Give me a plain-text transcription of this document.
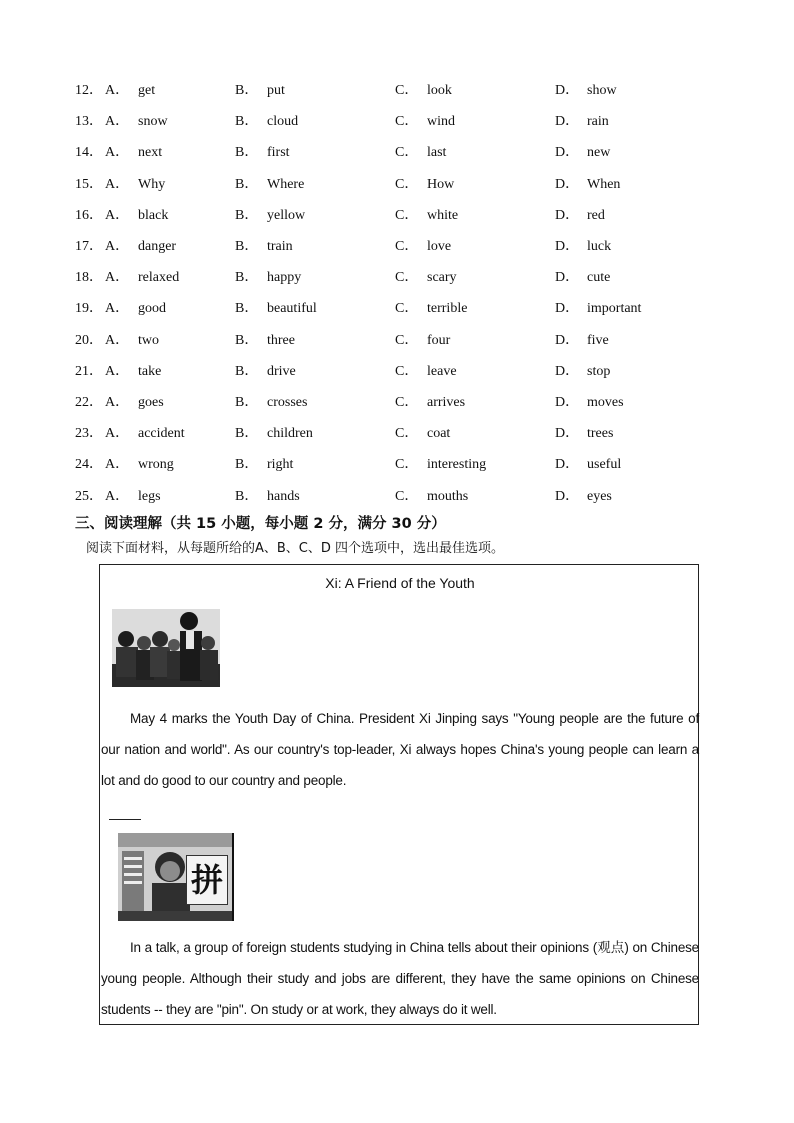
12． A． get	B． put	C． look	D． show
13． A． snow	B． cloud	C． wind	D． rain
14． A． next	B． first	C． last	D． new
15． A． Why	B． Where	C． How	D． When
16． A． black	B． yellow	C． white	D． red
17． A． danger	B． train	C． love	D． luck
18． A． relaxed	B． happy	C． scary	D． cute
19． A． good	B． beautiful	C． terrible	D． important
20． A． two	B． three	C． four	D． five
21． A． take	B． drive	C． leave	D． stop
22． A． goes	B． crosses	C． arrives	D． moves
23． A． accident	B． children	C． coat	D． trees
24． A． wrong	B． right	C． interesting	D． useful
25． A． legs	B． hands	C． mouths	D． eyes
三、阅读理解（共 15 小题，每小题 2 分，满分 30 分）
阅读下面材料，从每题所给的A、B、C、D 四个选项中，选出最佳选项。
Xi: A Friend of the Youth
May 4 marks the Youth Day of China. President Xi Jinping says "Young people are the future of our nation and world". As our country's top-leader, Xi always hopes China's young people can learn a lot and do good to our country and people.
拼
In a talk, a group of foreign students studying in China tells about their opinions (观点) on Chinese young people. Although their study and jobs are different, they have the same opinions on Chinese students -- they are "pin". On study or at work, they always do it well.
